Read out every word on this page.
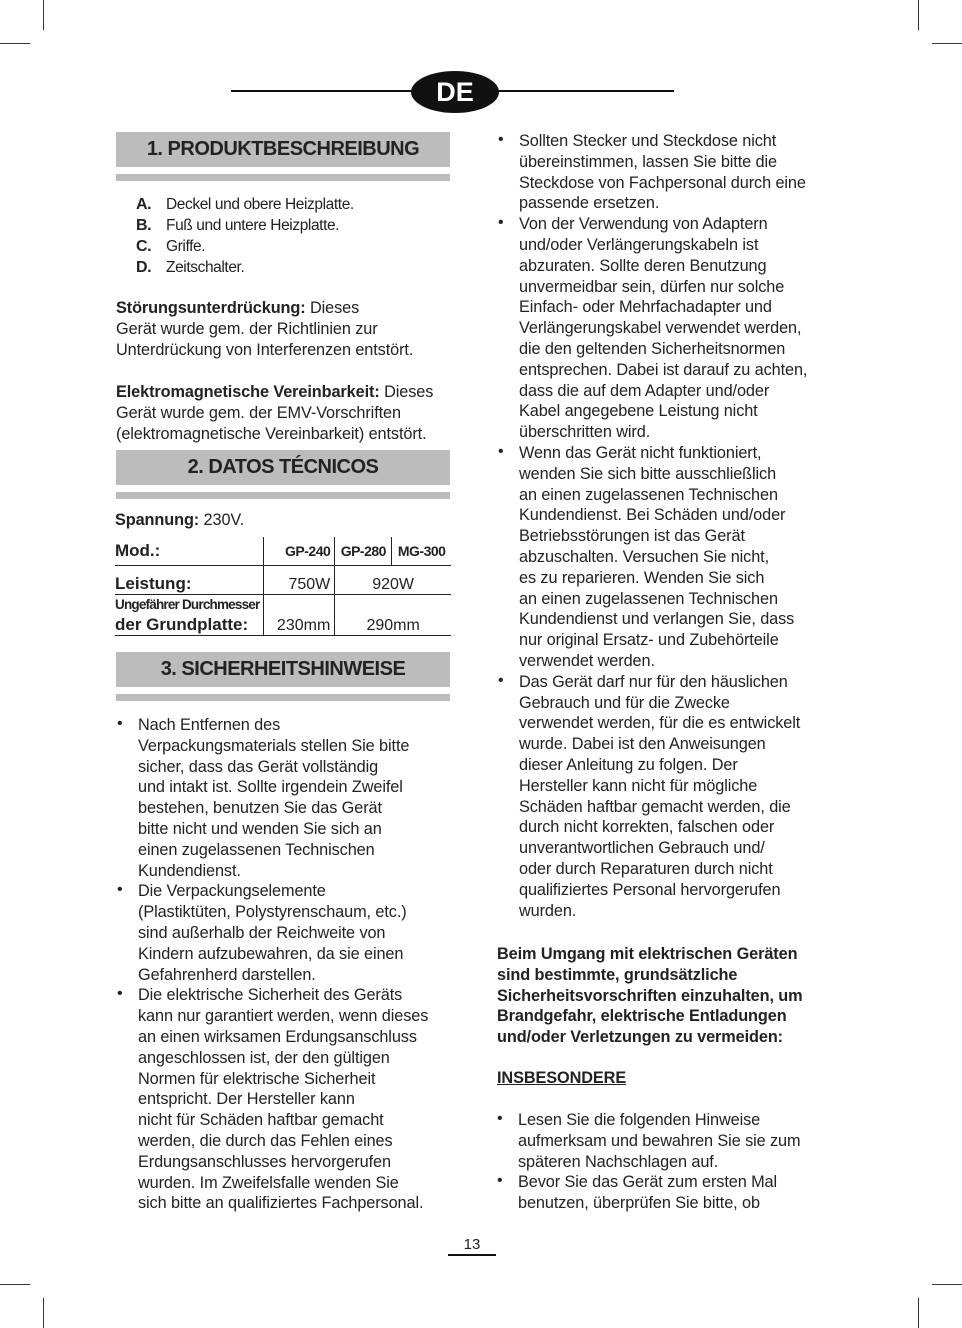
DE
1. PRODUKTBESCHREIBUNG
A. Deckel und obere Heizplatte.
B. Fuß und untere Heizplatte.
C. Griffe.
D. Zeitschalter.
Störungsunterdrückung: Dieses
Gerät wurde gem. der Richtlinien zur
Unterdrückung von Interferenzen entstört.
Elektromagnetische Vereinbarkeit: Dieses
Gerät wurde gem. der EMV-Vorschriften
(elektromagnetische Vereinbarkeit) entstört.
2. DATOS TÉCNICOS
Spannung: 230V.
Mod.:	GP-240	GP-280	MG-300
Leistung:	750W	920W	

Ungefährer Durchmesser
der Grundplatte:	230mm	290mm	
3. SICHERHEITSHINWEISE
• Nach Entfernen des
Verpackungsmaterials stellen Sie bitte
sicher, dass das Gerät vollständig
und intakt ist. Sollte irgendein Zweifel
bestehen, benutzen Sie das Gerät
bitte nicht und wenden Sie sich an
einen zugelassenen Technischen
Kundendienst.
• Die Verpackungselemente
(Plastiktüten, Polystyrenschaum, etc.)
sind außerhalb der Reichweite von
Kindern aufzubewahren, da sie einen
Gefahrenherd darstellen.
• Die elektrische Sicherheit des Geräts
kann nur garantiert werden, wenn dieses
an einen wirksamen Erdungsanschluss
angeschlossen ist, der den gültigen
Normen für elektrische Sicherheit
entspricht. Der Hersteller kann
nicht für Schäden haftbar gemacht
werden, die durch das Fehlen eines
Erdungsanschlusses hervorgerufen
wurden. Im Zweifelsfalle wenden Sie
sich bitte an qualifiziertes Fachpersonal.
• Sollten Stecker und Steckdose nicht
übereinstimmen, lassen Sie bitte die
Steckdose von Fachpersonal durch eine
passende ersetzen.
• Von der Verwendung von Adaptern
und/oder Verlängerungskabeln ist
abzuraten. Sollte deren Benutzung
unvermeidbar sein, dürfen nur solche
Einfach- oder Mehrfachadapter und
Verlängerungskabel verwendet werden,
die den geltenden Sicherheitsnormen
entsprechen. Dabei ist darauf zu achten,
dass die auf dem Adapter und/oder
Kabel angegebene Leistung nicht
überschritten wird.
• Wenn das Gerät nicht funktioniert,
wenden Sie sich bitte ausschließlich
an einen zugelassenen Technischen
Kundendienst. Bei Schäden und/oder
Betriebsstörungen ist das Gerät
abzuschalten. Versuchen Sie nicht,
es zu reparieren. Wenden Sie sich
an einen zugelassenen Technischen
Kundendienst und verlangen Sie, dass
nur original Ersatz- und Zubehörteile
verwendet werden.
• Das Gerät darf nur für den häuslichen
Gebrauch und für die Zwecke
verwendet werden, für die es entwickelt
wurde. Dabei ist den Anweisungen
dieser Anleitung zu folgen. Der
Hersteller kann nicht für mögliche
Schäden haftbar gemacht werden, die
durch nicht korrekten, falschen oder
unverantwortlichen Gebrauch und/
oder durch Reparaturen durch nicht
qualifiziertes Personal hervorgerufen
wurden.
Beim Umgang mit elektrischen Geräten
sind bestimmte, grundsätzliche
Sicherheitsvorschriften einzuhalten, um
Brandgefahr, elektrische Entladungen
und/oder Verletzungen zu vermeiden:
INSBESONDERE
• Lesen Sie die folgenden Hinweise
aufmerksam und bewahren Sie sie zum
späteren Nachschlagen auf.
• Bevor Sie das Gerät zum ersten Mal
benutzen, überprüfen Sie bitte, ob
13
